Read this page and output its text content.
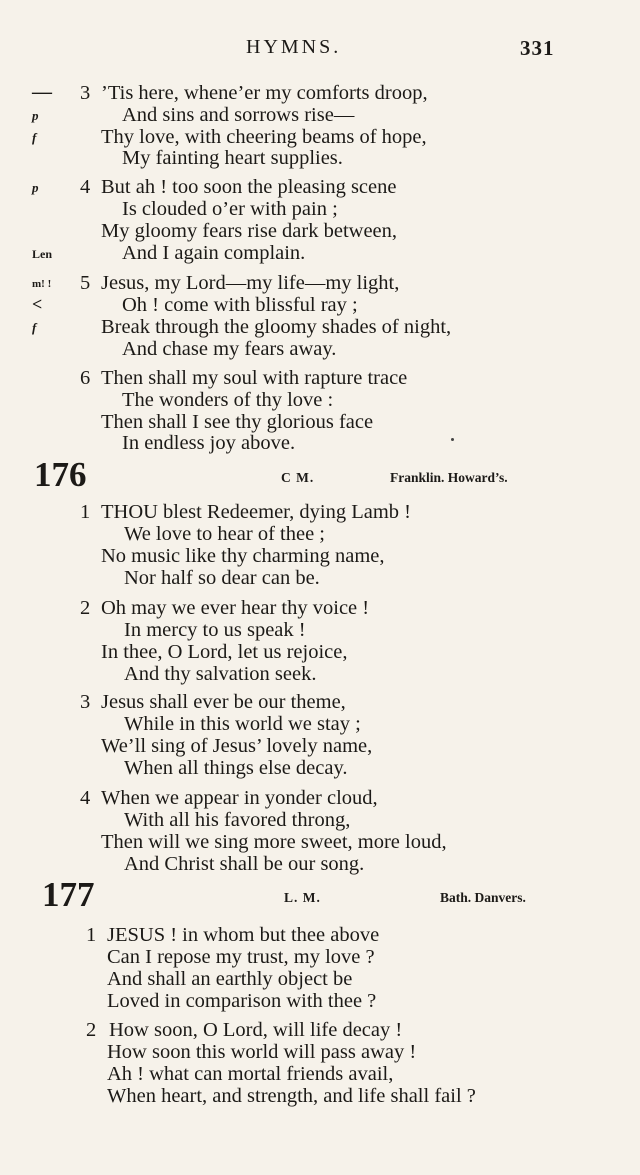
HYMNS.	331
— 3 ’Tis here, whene’er my comforts droop,
p	And sins and sorrows rise—
f	Thy love, with cheering beams of hope,
My fainting heart supplies.
p 4 But ah ! too soon the pleasing scene
Is clouded o’er with pain ;
My gloomy fears rise dark between,
Len	And I again complain.
m! ! 5 Jesus, my Lord—my life—my light,
<	Oh ! come with blissful ray ;
f	Break through the gloomy shades of night,
And chase my fears away.
6 Then shall my soul with rapture trace
The wonders of thy love :
Then shall I see thy glorious face
In endless joy above.
176	C M.	Franklin. Howard’s.
1 THOU blest Redeemer, dying Lamb !
We love to hear of thee ;
No music like thy charming name,
Nor half so dear can be.
2 Oh may we ever hear thy voice !
In mercy to us speak !
In thee, O Lord, let us rejoice,
And thy salvation seek.
3 Jesus shall ever be our theme,
While in this world we stay ;
We’ll sing of Jesus’ lovely name,
When all things else decay.
4 When we appear in yonder cloud,
With all his favored throng,
Then will we sing more sweet, more loud,
And Christ shall be our song.
177	L. M.	Bath. Danvers.
1 JESUS ! in whom but thee above
Can I repose my trust, my love ?
And shall an earthly object be
Loved in comparison with thee ?
2 How soon, O Lord, will life decay !
How soon this world will pass away !
Ah ! what can mortal friends avail,
When heart, and strength, and life shall fail ?
